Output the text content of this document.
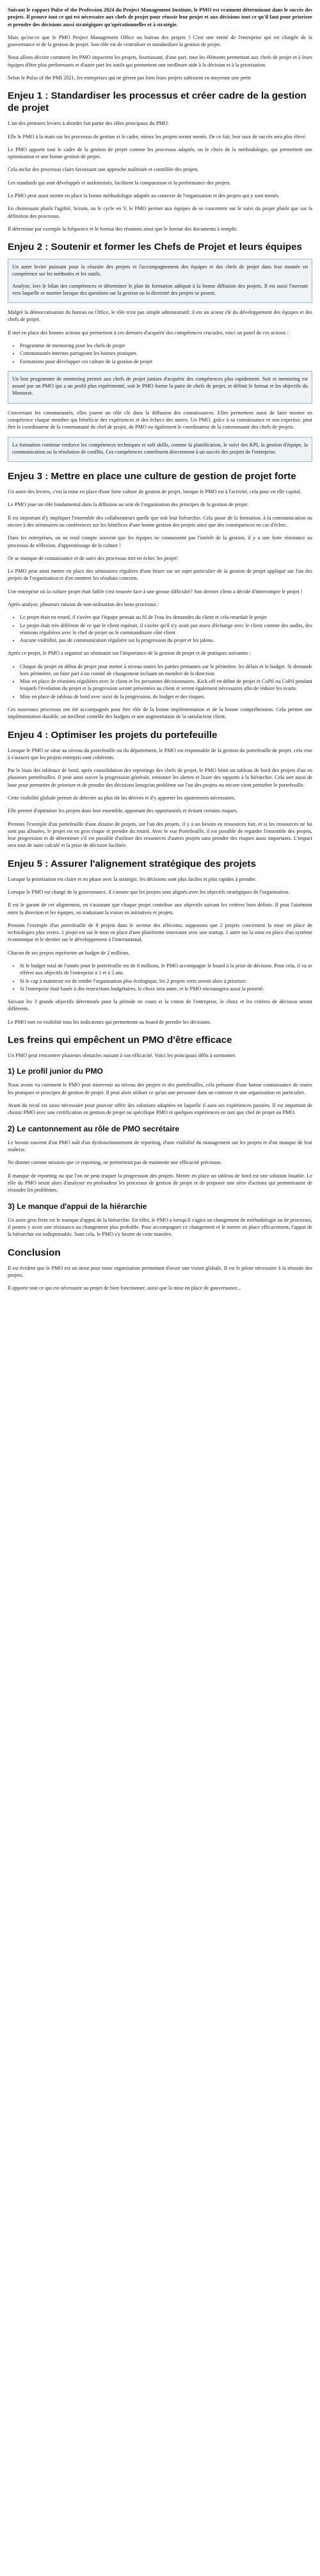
Suivant le rapport Pulse of the Profession 2024 du Project Management Institute, le PMO est vraiment déterminant dans le succès des projets. Il prouve tout ce qui est nécessaire aux chefs de projet pour réussir leur projet et aux décisions tout ce qu'il faut pour prioriser et prendre des décisions aussi stratégiques qu'opérationnelles et à stratégie.

Mais qu'est-ce que le PMO Project Management Office ou bureau des projets ? C'est une entité de l'entreprise qui est chargée de la gouvernance et de la gestion de projet. Son rôle est de centraliser et standardiser la gestion de projet.

Nous allons décrire comment les PMO impactent les projets, fournissant, d'une part, tous les éléments permettant aux chefs de projet et à leurs équipes d'être plus performants et d'autre part les outils qui permettent une meilleure aide à la décision et à la priorisation.

Selon le Pulse of the PMI 2021, les entreprises qui ne gèrent pas bien leurs projets subissent en moyenne une perte

Enjeu 1 : Standardiser les processus et créer cadre de la gestion de projet

L'un des premiers leviers à aborder fait partie des rôles principaux du PMO.

Elle le PMO à la main sur les processus de gestion et le cadre, mieux les projets seront menés. De ce fait, leur taux de succès sera plus élevé.

Le PMO apporte tout le cadre de la gestion de projet comme les processus adaptés, ou le choix de la méthodologie, qui permettent une optimisation et une bonne gestion de projet.

Cela inclut des processus clairs favorisant une approche maîtrisée et contrôlée des projets.

Les standards qui sont développés et uniformisés, facilitent la comparaison et la performance des projets.

Le PMO peut aussi mettre en place la bonne méthodologie adaptée au contexte de l'organisation et des projets qui y sont menés.

En choisissant plutôt l'agilité, Scrum, ou le cycle en V, le PMO permet aux équipes de se concentrer sur le suivi du projet plutôt que sur la définition des processus.

Il détermine par exemple la fréquence et le format des réunions ainsi que le format des documents à remplir.

Enjeu 2 : Soutenir et former les Chefs de Projet et leurs équipes

Un autre levier puissant pour la réussite des projets et l'accompagnement des équipes et des chefs de projet dans leur montée en compétence sur les méthodes et les outils.

Analyse, lors le bilan des compétences et déterminer le plan de formation adéquat à la bonne diffusion des projets. Il est aussi l'ouvrant vers laquelle se tourner lorsque des questions sur la gestion ou la diversité des projets se posent.

Malgré la démocratisation du bureau ou Office, le rôle n'est pas simple administratif; il est un acteur clé du développement des équipes et des chefs de projet.

Il met en place des bonnes actions qui permettent à ces derniers d'acquérir des compétences cruciales, voici un panel de ces actions :

• Programme de mentoring pour les chefs de projet
• Communautés internes partageant les bonnes pratiques
• Formations pour développer ces culture de la gestion de projet

Un bon programme de mentoring permet aux chefs de projet juniors d'acquérir des compétences plus rapidement. Soit et mentoring est assuré par un PMO qui a un profil plus expérimenté, soit le PMO forme la paire de chefs de projet, et définit le format et les objectifs du Mentorat.

Concernant les communautés, elles jouent un rôle clé dans la diffusion des connaissances. Elles permettent aussi de faire monter en compétence chaque membre qui bénéficie des expériences et des échecs des autres. Un PMO, grâce à sa connaissance et son expertise, peut être le coordinateur de la communauté de chef de projet, de PMO ou également le coordinateur de la communauté des chefs de projets.

La formation continue renforce les compétences techniques et soft skills, comme la planification, le suivi des KPI, la gestion d'équipe, la communication ou la résolution de conflits. Ces compétences contribuent directement à un succès des projets de l'entreprise.

Enjeu 3 : Mettre en place une culture de gestion de projet forte

Un autre des leviers, c'est la mise en place d'une forte culture de gestion de projet, lorsque le PMO est à l'activité, cela pour en elle capital.

Le PMO joue un rôle fondamental dans la diffusion au sein de l'organisation des principes de la gestion de projet.

Il est important d'y impliquer l'ensemble des collaborateurs quelle que soit leur hiérarchie. Cela passe de la formation, à la communication ou encore à des séminaires ou conférences sur les bénéfices d'une bonne gestion des projets ainsi que des conséquences en cas d'échec.

Dans les entreprises, on ne rend compte souvent que les équipes ne connaissent pas l'intérêt de la gestion, il y a une forte résistance au processus de réflexion, d'apprentissage de la culture !

Or se manque de connaissance et de suivi des processus met en échec les projet!

Le PMO peut ainsi mettre en place des séminaires réguliers d'une heure sur un sujet particulier de la gestion de projet appliqué sur l'un des projets de l'organisation et d'en montrer les résultats concrets.

Une entreprise où la culture projet était faible s'est trouvée face à une grosse difficulté? Son dernier client a décidé d'interrompre le projet !

Après analyse, plusieurs raisons de non-utilisation des bons processus :

• Le projet était en retard, il s'avère que l'équipe pensait au fil de l'eau les demandes du client et cela retardait le projet
• Le projet était très différent de ce que le client espérait, il s'avère qu'il n'y avait pas assez d'échange avec le client comme des audits, des réunions régulières avec le chef de projet ou le commanditaire côté client
• Aucune visibilité, pas de communication régulière sur la progression du projet et les jalons.

Après ce projet, le PMO a organisé un séminaire sur l'importance de la gestion de projet et de pratiques suivantes :

• Chaque du projet en début de projet pour mettre à niveau toutes les parties prenantes sur le périmètre, les délais et le budget. Si demande hors périmètre, on faire part à un comité de changement incluant un membre de la direction.
• Mise en place de réunions régulières avec le client et les personnes décisionnaires. Kick-off en début de projet et CoPil ou CoPil pendant lesquels l'évolution du projet et la progression seront présentées au client et seront également nécessaires afin de réduire les écarts.
• Mise en place de tableau de bord avec suivi de la progression, du budget et des risques.

Ces nouveaux processus ont été accompagnés pour être rôle de la bonne implémentation et de la bonne compréhension. Cela permet une implémentation durable, un meilleur contrôle des budgets et une augmentation de la satisfaction client.

Enjeu 4 : Optimiser les projets du portefeuille

Lorsque le PMO se situe au niveau du portefeuille ou du département, le PMO est responsable de la gestion du portefeuille de projet, cela vise à s'assurer que les projets entrepris sont cohérents.

Par le biais des tableaux de bord, après consolidation des reportings des chefs de projet, le PMO bénit un tableau de bord des projets d'un en plusieurs portefeuilles. Il peut ainsi suivre la progression générale, remonter les alertes et lisser des rapports à la hiérarchie. Cela sert aussi de base pour permettre de prioriser et de prendre des décisions lorsqu'un problème sur l'un des projets ou encore vient perturber le portefeuille.

Cette visibilité globale permet de détecter au plus tôt les dérives et d'y apporter les ajustements nécessaires.

Elle permet d'optimiser les projets dans leur ensemble, apportant des opportunités et évitant certains risques.

Prenons l'exemple d'un portefeuille d'une dizaine de projets, sur l'un des projets, il y a un besoin en ressources fort, et si les ressources ne lui sont pas allouées, le projet est en gros risque et prendre du retard. Avec le vue Portefeuille, il est possible de regarder l'ensemble des projets, leur progression et de déterminer s'il est possible d'utiliser des ressources d'autres projets sans prendre des risques aussi importants. L'impact sera tout de suite calculé et la prise de décision facilitée.

Enjeu 5 : Assurer l'alignement stratégique des projets

Lorsque la priorisation est claire et en phase avec la stratégie, les décisions sont plus faciles et plus rapides à prendre.

Lorsque le PMO est chargé de la gouvernance, il s'assure que les projets sont alignés avec les objectifs stratégiques de l'organisation.

Il est le garant de cet alignement, en s'assurant que chaque projet contribue aux objectifs suivant les critères bien définis. Il peut l'aisément entre la direction et les équipes, en traduisant la vision en initiatives et projets.

Prenons l'exemple d'un portefeuille de 8 projets dans le secteur des télécoms, supposons que 2 projets concernent la mise en place de technologies plus vertes. 1 projet est sur le mon en place d'une plateforme innovante avec une startup, 1 autre sur la mise en place d'un système économique et le dernier sur le développement à l'international.

Chacun de ses projets représente un budget de 2 millions.

• Si le budget total de l'année pour le portefeuille est de 8 millions, le PMO accompagne le board à la prise de décision. Pour cela, il va se référer aux objectifs de l'entreprise à 1 et à 5 ans.
• Si le cap à maintenir est de rendre l'organisation plus écologique, les 2 projets verts seront alors à prioriser.
• Si l'entreprise était basée à des restrictions budgétaires, le choix sera autre, et le PMO encouragera aussi la priorité.

Suivant les 3 grands objectifs déterminés pour la période en cours et la vision de l'entreprise, le choix et les critères de décision seront différents.

Le PMO met en visibilité tous les indicateurs qui permettront au board de prendre les décisions.

Les freins qui empêchent un PMO d'être efficace

Un PMO peut rencontrer plusieurs obstacles nuisant à son efficacité. Voici les principaux défis à surmonter.

1) Le profil junior du PMO

Nous avons vu comment le PMO peut intervenir au niveau des projets et des portefeuilles, cela présume d'une bonne connaissance de toutes les pratiques et principes de gestion de projet. Il peut alors utiliser ce qu'un une personne dans un contexte et une organisation en particulier.

Avant du recul est aussi nécessaire pour pouvoir offrir des solutions adaptées en laquelle il aura ses expériences passées. Il est important de choisir PMO avec une certification en gestion de projet ou spécifique PMO et quelques expériences en tant que chef de projet ou PMO.

2) Le cantonnement au rôle de PMO secrétaire

Le besoin souvent d'un PMO naît d'un dysfonctionnement de reporting, d'une visibilité du management sur les projets et d'un manque de leur maîtrise.

Ne donner comme mission que ce reporting, ne permettrait pas de maintenir une efficacité précieuse.

Il manque de reporting ou que l'on ne peut traquer la progression des projets. Mettre en place un tableau de bord est une solution louable. Le rôle du PMO serait alors d'analyser en profondeur les processus de gestion de projet et de proposer une série d'actions qui permettraient de résoudre les problèmes.

3) Le manque d'appui de la hiérarchie

Un autre gros frein est le manque d'appui de la hiérarchie. En effet, le PMO a lorsqu'il s'agira un changement de méthodologie ou de processus, il pourra y avoir une résistance au changement plus probable. Pour accompagner ce changement et le mettre en place efficacement, l'appui de la hiérarchie est indispensable. Sans cela, le PMO s'y heurte de cette manière.

Conclusion

Il est évident que le PMO est un atout pour toute organisation permettant d'avoir une vision globale. Il est le pilote nécessaire à la réussite des projets.

Il apporte tout ce qui est nécessaire au projet de bien fonctionner, aussi que la mise en place de gouvernance...
